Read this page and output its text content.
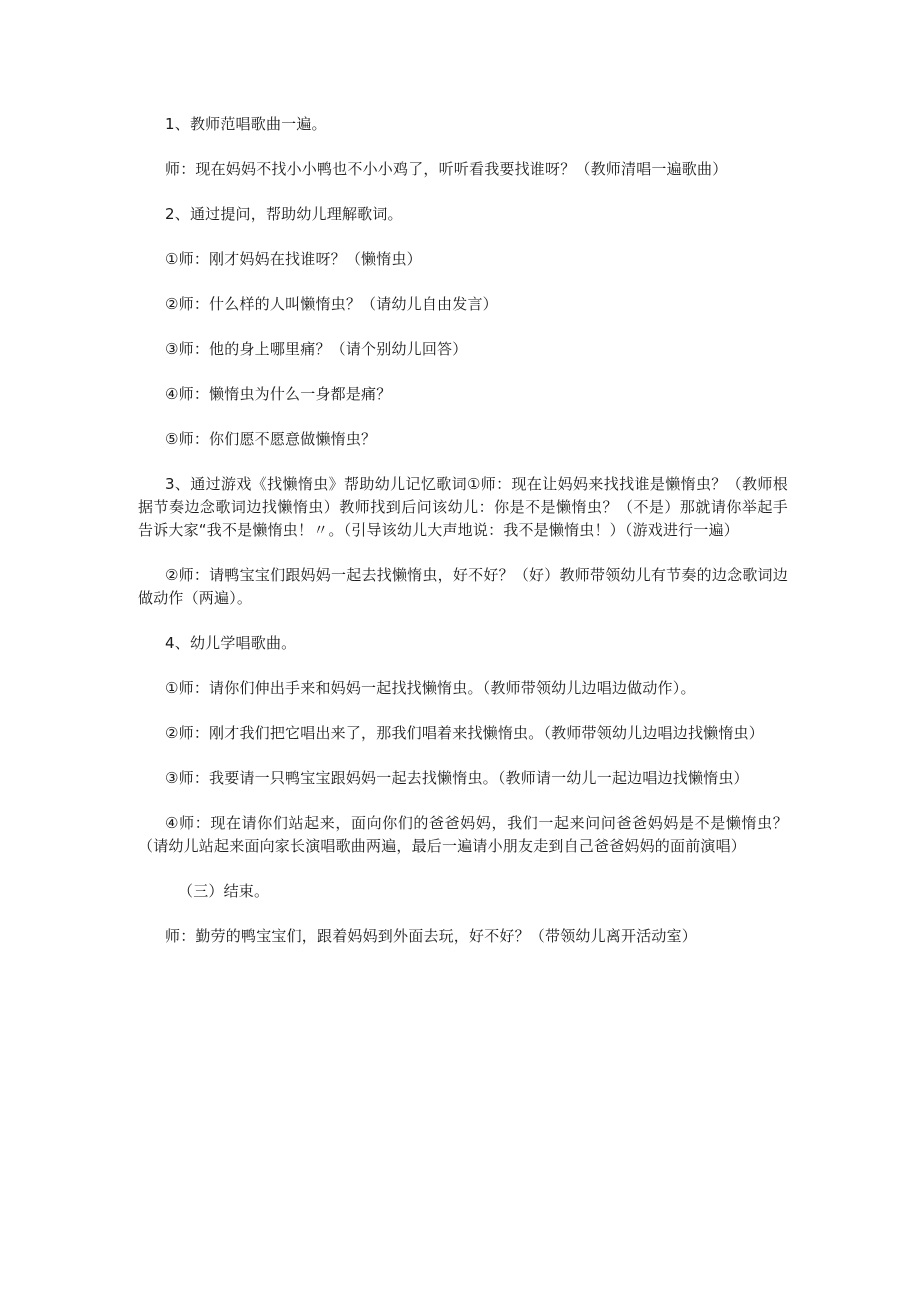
1、教师范唱歌曲一遍。

师：现在妈妈不找小小鸭也不小小鸡了，听听看我要找谁呀？（教师清唱一遍歌曲）

2、通过提问，帮助幼儿理解歌词。

①师：刚才妈妈在找谁呀？（懒惰虫）

②师：什么样的人叫懒惰虫？（请幼儿自由发言）

③师：他的身上哪里痛？（请个别幼儿回答）

④师：懒惰虫为什么一身都是痛？

⑤师：你们愿不愿意做懒惰虫？

3、通过游戏《找懒惰虫》帮助幼儿记忆歌词①师：现在让妈妈来找找谁是懒惰虫？（教师根据节奏边念歌词边找懒惰虫）教师找到后问该幼儿：你是不是懒惰虫？（不是）那就请你举起手告诉大家“我不是懒惰虫！〃。（引导该幼儿大声地说：我不是懒惰虫！）（游戏进行一遍）

②师：请鸭宝宝们跟妈妈一起去找懒惰虫，好不好？（好）教师带领幼儿有节奏的边念歌词边做动作（两遍）。

4、幼儿学唱歌曲。

①师：请你们伸出手来和妈妈一起找找懒惰虫。（教师带领幼儿边唱边做动作）。

②师：刚才我们把它唱出来了，那我们唱着来找懒惰虫。（教师带领幼儿边唱边找懒惰虫）

③师：我要请一只鸭宝宝跟妈妈一起去找懒惰虫。（教师请一幼儿一起边唱边找懒惰虫）

④师：现在请你们站起来，面向你们的爸爸妈妈，我们一起来问问爸爸妈妈是不是懒惰虫？（请幼儿站起来面向家长演唱歌曲两遍，最后一遍请小朋友走到自己爸爸妈妈的面前演唱）

（三）结束。

师：勤劳的鸭宝宝们，跟着妈妈到外面去玩，好不好？（带领幼儿离开活动室）
